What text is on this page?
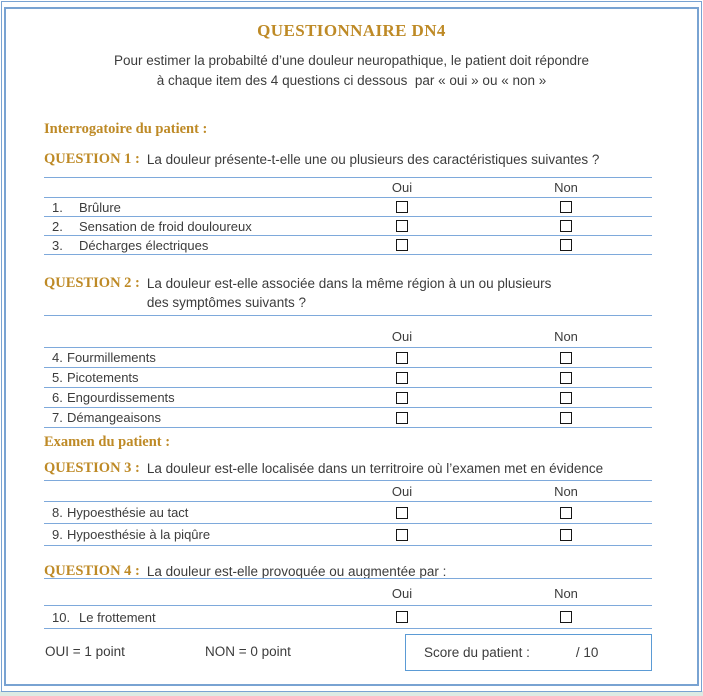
QUESTIONNAIRE DN4
Pour estimer la probabilté d’une douleur neuropathique, le patient doit répondre
à chaque item des 4 questions ci dessous  par « oui » ou « non »
Interrogatoire du patient :
QUESTION 1 : La douleur présente-t-elle une ou plusieurs des caractéristiques suivantes ?
Oui	Non
1.	Brûlure
2.	Sensation de froid douloureux
3.	Décharges électriques
QUESTION 2 : La douleur est-elle associée dans la même région à un ou plusieurs
des symptômes suivants ?
Oui	Non
4. Fourmillements
5. Picotements
6. Engourdissements
7. Démangeaisons
Examen du patient :
QUESTION 3 : La douleur est-elle localisée dans un territroire où l’examen met en évidence
Oui	Non
8. Hypoesthésie au tact
9. Hypoesthésie à la piqûre
QUESTION 4 : La douleur est-elle provoquée ou augmentée par :
Oui	Non
10. Le frottement
OUI = 1 point	NON = 0 point	Score du patient :	/ 10
